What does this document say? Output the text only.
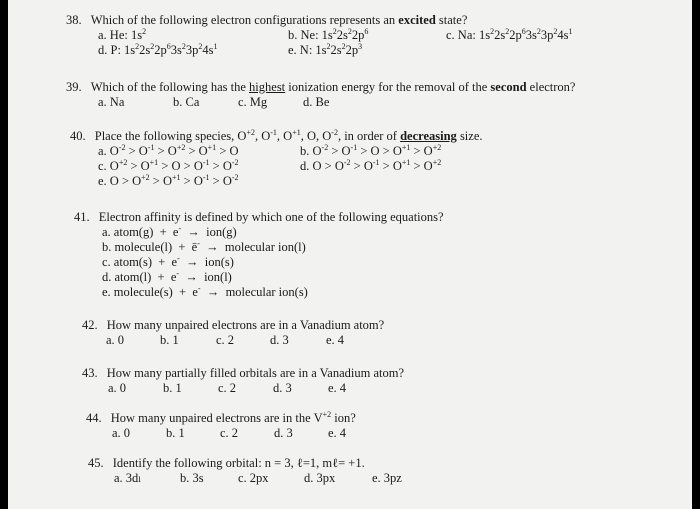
38. Which of the following electron configurations represents an excited state?
a. He: $1s^2$	b. Ne: $1s^22s^22p^6$	c. Na: $1s^22s^22p^63s^23p^24s^1$
d. P: $1s^22s^22p^63s^23p^24s^1$	e. N: $1s^22s^22p^3$
39. Which of the following has the highest ionization energy for the removal of the second electron?
a. Na	b. Ca	c. Mg	d. Be
40. Place the following species, $O^{+2}$, $O^{-1}$, $O^{+1}$, O, $O^{-2}$, in order of decreasing size.
a. $O^{-2} > O^{-1} > O^{+2} > O^{+1} > O$	b. $O^{-2} > O^{-1} > O > O^{+1} > O^{+2}$
c. $O^{+2} > O^{+1} > O > O^{-1} > O^{-2}$	d. $O > O^{-2} > O^{-1} > O^{+1} > O^{+2}$
e. $O > O^{+2} > O^{+1} > O^{-1} > O^{-2}$
41. Electron affinity is defined by which one of the following equations?
a. atom(g)  +  e-  →  ion(g)
b. molecule(l)  +  ē-  →  molecular ion(l)
c. atom(s)  +  e-  →  ion(s)
d. atom(l)  +  e-  →  ion(l)
e. molecule(s)  +  e-  →  molecular ion(s)
42. How many unpaired electrons are in a Vanadium atom?
a. 0	b. 1	c. 2	d. 3	e. 4
43. How many partially filled orbitals are in a Vanadium atom?
a. 0	b. 1	c. 2	d. 3	e. 4
44. How many unpaired electrons are in the $V^{+2}$ ion?
a. 0	b. 1	c. 2	d. 3	e. 4
45. Identify the following orbital: n = 3, ℓ=1, mℓ= +1.
a. 3dₗ	b. 3s	c. 2px	d. 3px	e. 3pz
